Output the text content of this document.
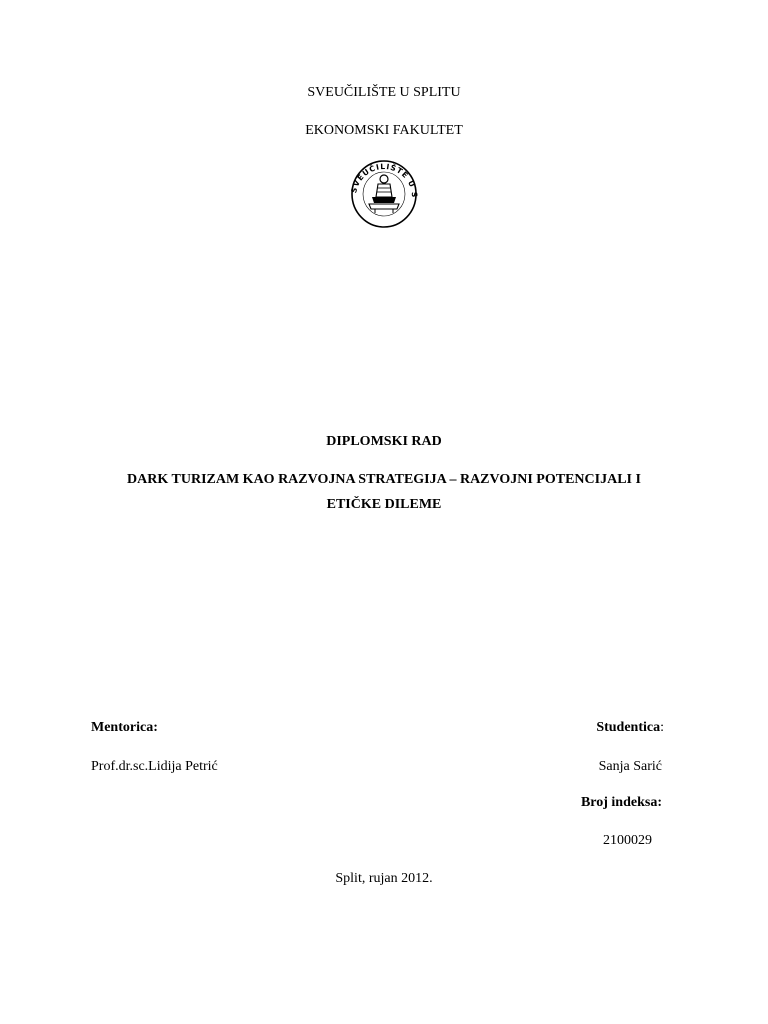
SVEUČILIŠTE U SPLITU
EKONOMSKI FAKULTET
SVEUČILIŠTE U S
DIPLOMSKI RAD
DARK TURIZAM KAO RAZVOJNA STRATEGIJA – RAZVOJNI POTENCIJALI I
ETIČKE DILEME
Mentorica:
Prof.dr.sc.Lidija Petrić
Studentica:
Sanja Sarić
Broj indeksa:
2100029
Split, rujan 2012.
